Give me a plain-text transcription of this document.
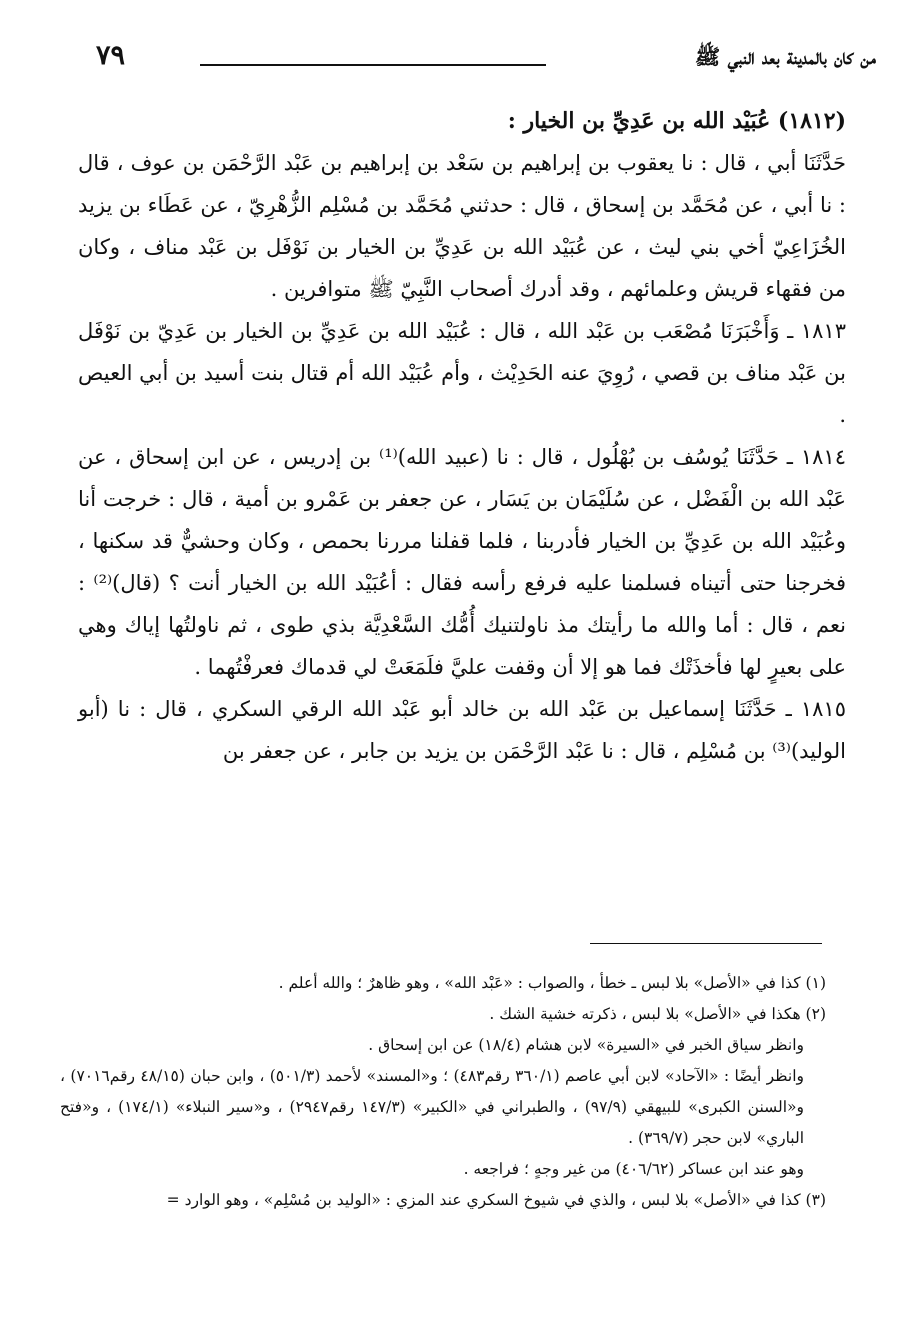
٧٩	من كان بالمدينة بعد النبي ﷺ

(١٨١٢) عُبَيْد الله بن عَدِيِّ بن الخيار :

حَدَّثَنَا أبي ، قال : نا يعقوب بن إبراهيم بن سَعْد بن إبراهيم بن عَبْد الرَّحْمَن بن عوف ، قال : نا أبي ، عن مُحَمَّد بن إسحاق ، قال : حدثني مُحَمَّد بن مُسْلِم الزُّهْرِيّ ، عن عَطَاء بن يزيد الخُزَاعِيّ أخي بني ليث ، عن عُبَيْد الله بن عَدِيِّ بن الخيار بن نَوْفَل بن عَبْد مناف ، وكان من فقهاء قريش وعلمائهم ، وقد أدرك أصحاب النَّبِيّ ﷺ متوافرين .

١٨١٣ ـ وَأَخْبَرَنَا مُصْعَب بن عَبْد الله ، قال : عُبَيْد الله بن عَدِيِّ بن الخيار بن عَدِيّ بن نَوْفَل بن عَبْد مناف بن قصي ، رُوِيَ عنه الحَدِيْث ، وأم عُبَيْد الله أم قتال بنت أسيد بن أبي العيص .

١٨١٤ ـ حَدَّثَنَا يُوسُف بن بُهْلُول ، قال : نا (عبيد الله)⁽¹⁾ بن إدريس ، عن ابن إسحاق ، عن عَبْد الله بن الْفَضْل ، عن سُلَيْمَان بن يَسَار ، عن جعفر بن عَمْرو بن أمية ، قال : خرجت أنا وعُبَيْد الله بن عَدِيِّ بن الخيار فأدربنا ، فلما قفلنا مررنا بحمص ، وكان وحشيٌّ قد سكنها ، فخرجنا حتى أتيناه فسلمنا عليه فرفع رأسه فقال : أعُبَيْد الله بن الخيار أنت ؟ (قال)⁽²⁾ : نعم ، قال : أما والله ما رأيتك مذ ناولتنيك أُمُّك السَّعْدِيَّة بذي طوى ، ثم ناولتُها إياك وهي على بعيرٍ لها فأخذَتْك فما هو إلا أن وقفت عليَّ فلَمَعَتْ لي قدماك فعرفْتُهما .

١٨١٥ ـ حَدَّثَنَا إسماعيل بن عَبْد الله بن خالد أبو عَبْد الله الرقي السكري ، قال : نا (أبو الوليد)⁽³⁾ بن مُسْلِم ، قال : نا عَبْد الرَّحْمَن بن يزيد بن جابر ، عن جعفر بن

(١) كذا في «الأصل» بلا لبس ـ خطأ ، والصواب : «عَبْد الله» ، وهو ظاهرٌ ؛ والله أعلم .

(٢) هكذا في «الأصل» بلا لبس ، ذكرته خشية الشك .

وانظر سياق الخبر في «السيرة» لابن هشام (١٨/٤) عن ابن إسحاق .

وانظر أيضًا : «الآحاد» لابن أبي عاصم (٣٦٠/١ رقم٤٨٣) ؛ و«المسند» لأحمد (٥٠١/٣) ، وابن حبان (٤٨/١٥ رقم٧٠١٦) ، و«السنن الكبرى» للبيهقي (٩٧/٩) ، والطبراني في «الكبير» (١٤٧/٣ رقم٢٩٤٧) ، و«سير النبلاء» (١٧٤/١) ، و«فتح الباري» لابن حجر (٣٦٩/٧) .

وهو عند ابن عساكر (٤٠٦/٦٢) من غير وجهٍ ؛ فراجعه .

(٣) كذا في «الأصل» بلا لبس ، والذي في شيوخ السكري عند المزي : «الوليد بن مُسْلِم» ، وهو الوارد =
